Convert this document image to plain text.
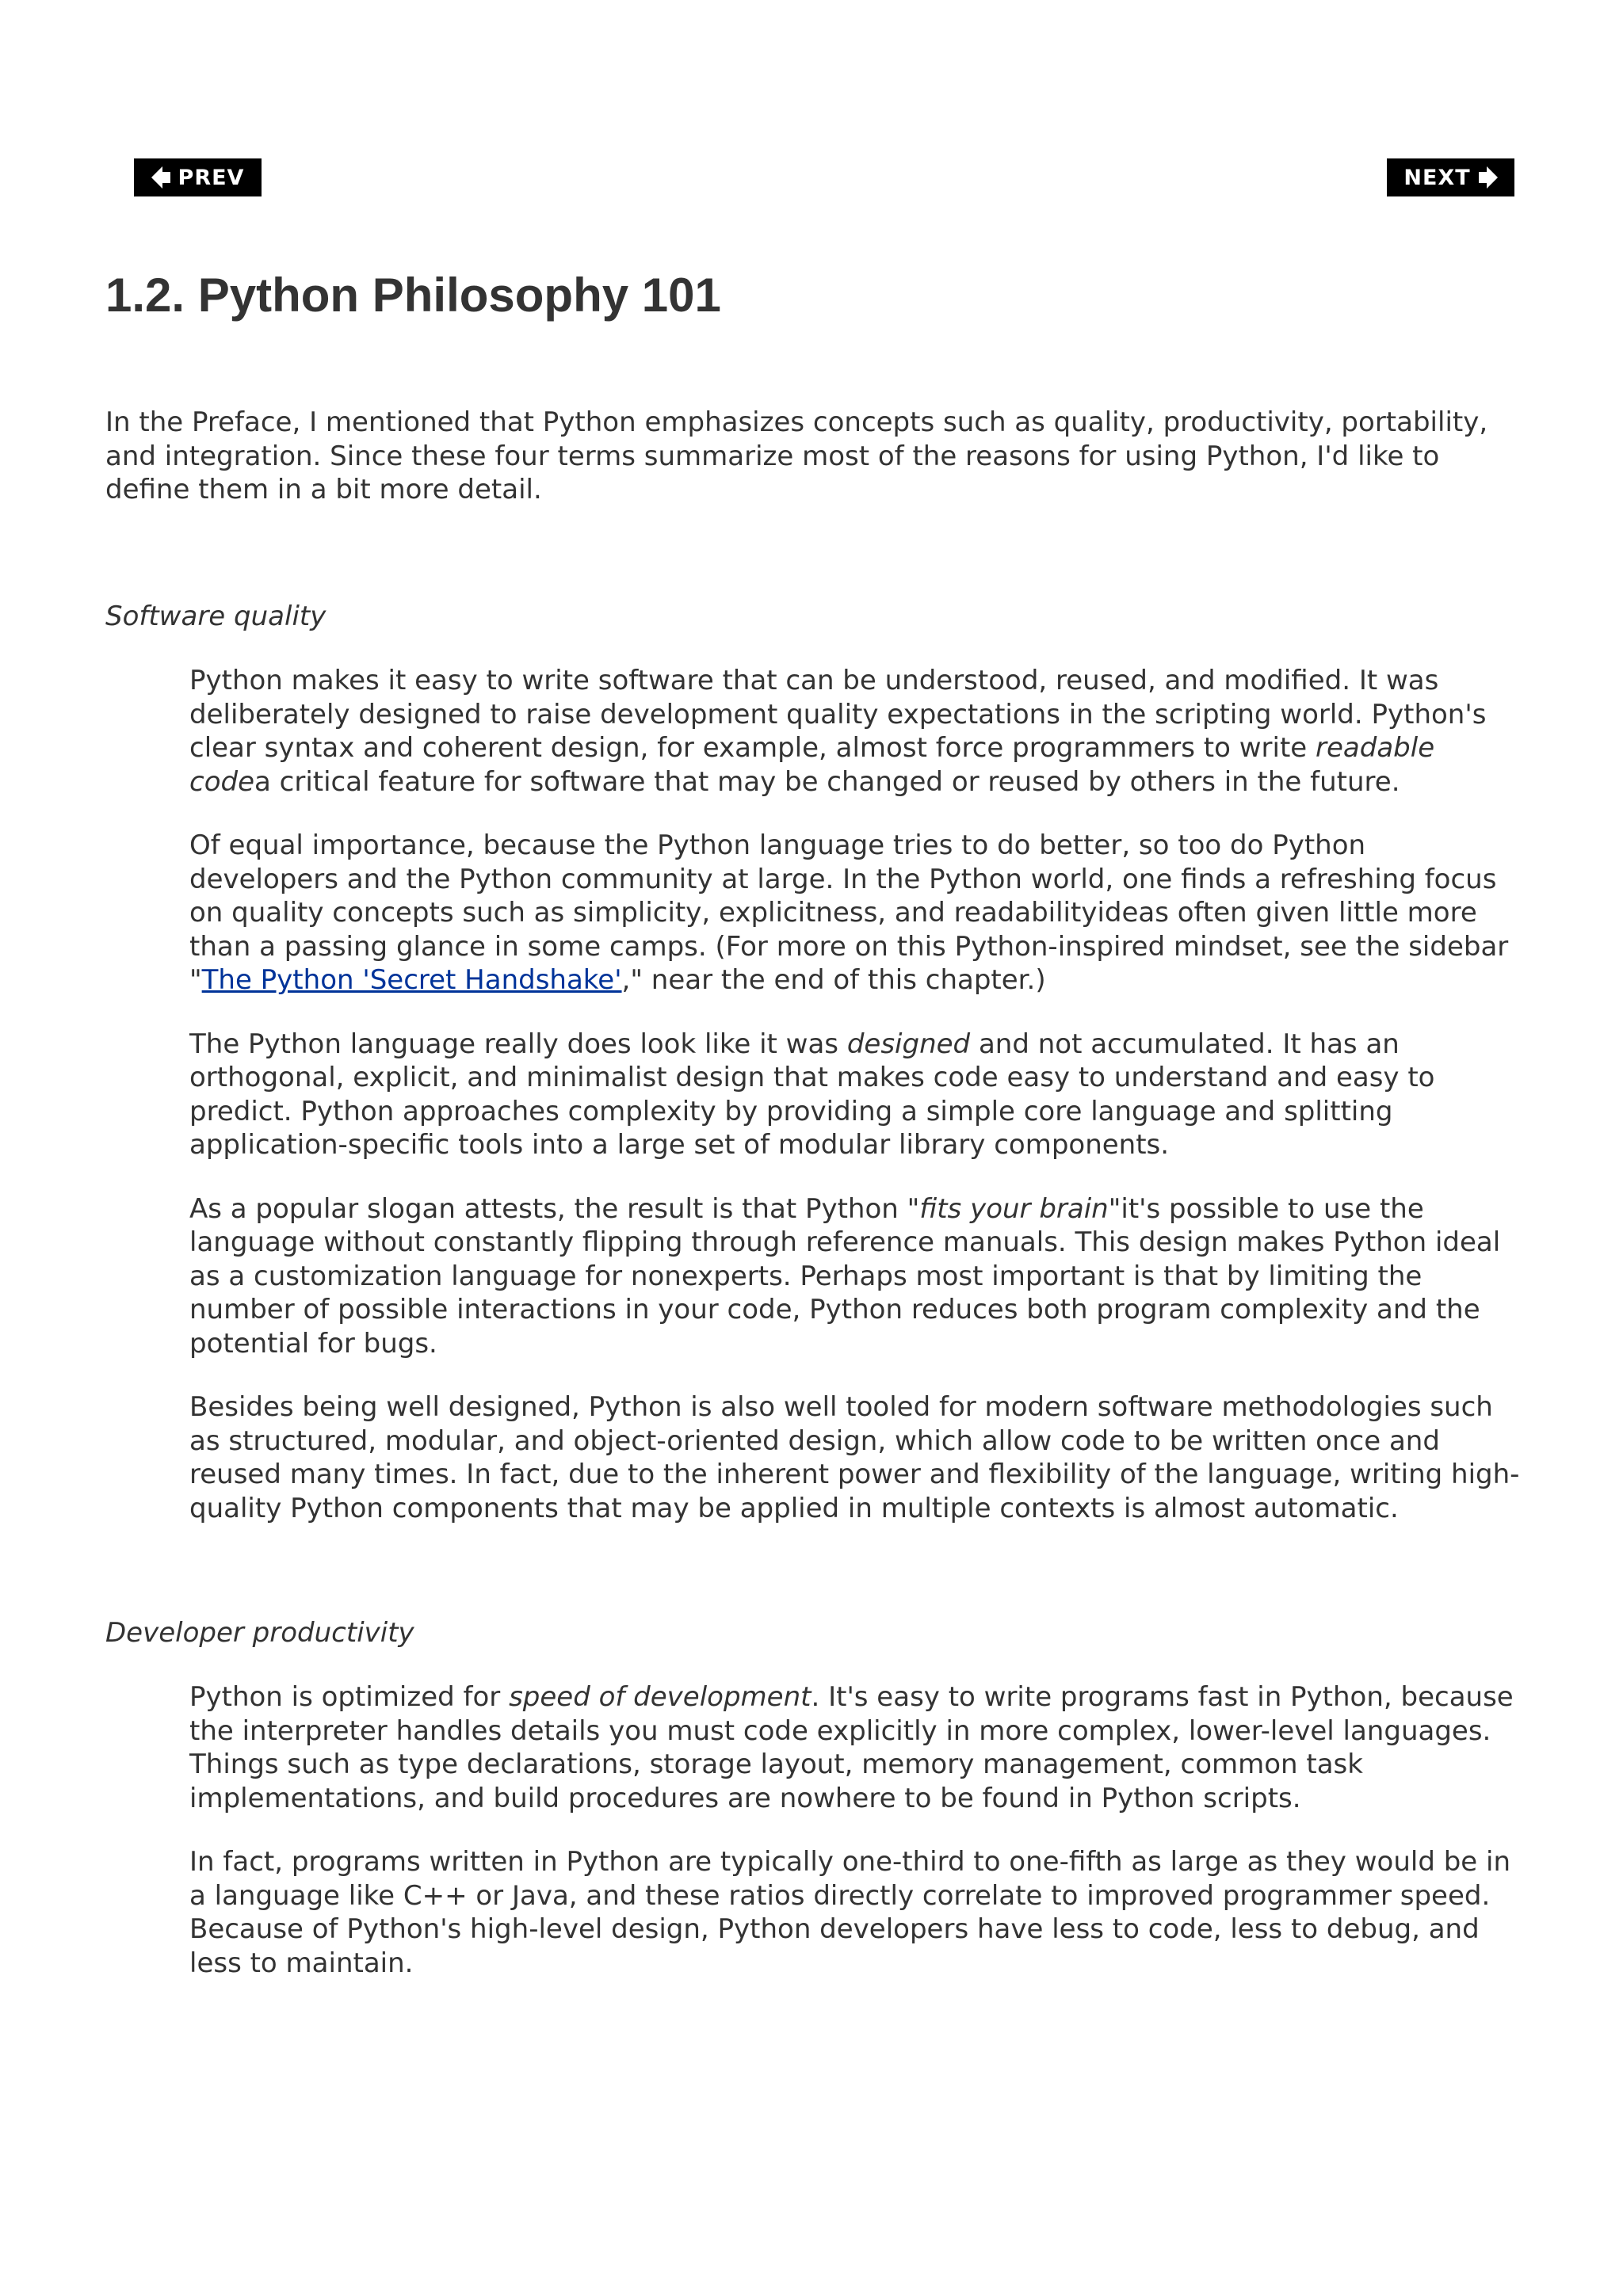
PREV	NEXT
1.2. Python Philosophy 101

In the Preface, I mentioned that Python emphasizes concepts such as quality, productivity, portability, and integration. Since these four terms summarize most of the reasons for using Python, I'd like to define them in a bit more detail.

Software quality

Python makes it easy to write software that can be understood, reused, and modified. It was deliberately designed to raise development quality expectations in the scripting world. Python's clear syntax and coherent design, for example, almost force programmers to write readable codea critical feature for software that may be changed or reused by others in the future.

Of equal importance, because the Python language tries to do better, so too do Python developers and the Python community at large. In the Python world, one finds a refreshing focus on quality concepts such as simplicity, explicitness, and readabilityideas often given little more than a passing glance in some camps. (For more on this Python-inspired mindset, see the sidebar "The Python 'Secret Handshake'," near the end of this chapter.)

The Python language really does look like it was designed and not accumulated. It has an orthogonal, explicit, and minimalist design that makes code easy to understand and easy to predict. Python approaches complexity by providing a simple core language and splitting application-specific tools into a large set of modular library components.

As a popular slogan attests, the result is that Python "fits your brain"it's possible to use the language without constantly flipping through reference manuals. This design makes Python ideal as a customization language for nonexperts. Perhaps most important is that by limiting the number of possible interactions in your code, Python reduces both program complexity and the potential for bugs.

Besides being well designed, Python is also well tooled for modern software methodologies such as structured, modular, and object-oriented design, which allow code to be written once and reused many times. In fact, due to the inherent power and flexibility of the language, writing high-quality Python components that may be applied in multiple contexts is almost automatic.

Developer productivity

Python is optimized for speed of development. It's easy to write programs fast in Python, because the interpreter handles details you must code explicitly in more complex, lower-level languages. Things such as type declarations, storage layout, memory management, common task implementations, and build procedures are nowhere to be found in Python scripts.

In fact, programs written in Python are typically one-third to one-fifth as large as they would be in a language like C++ or Java, and these ratios directly correlate to improved programmer speed. Because of Python's high-level design, Python developers have less to code, less to debug, and less to maintain.
